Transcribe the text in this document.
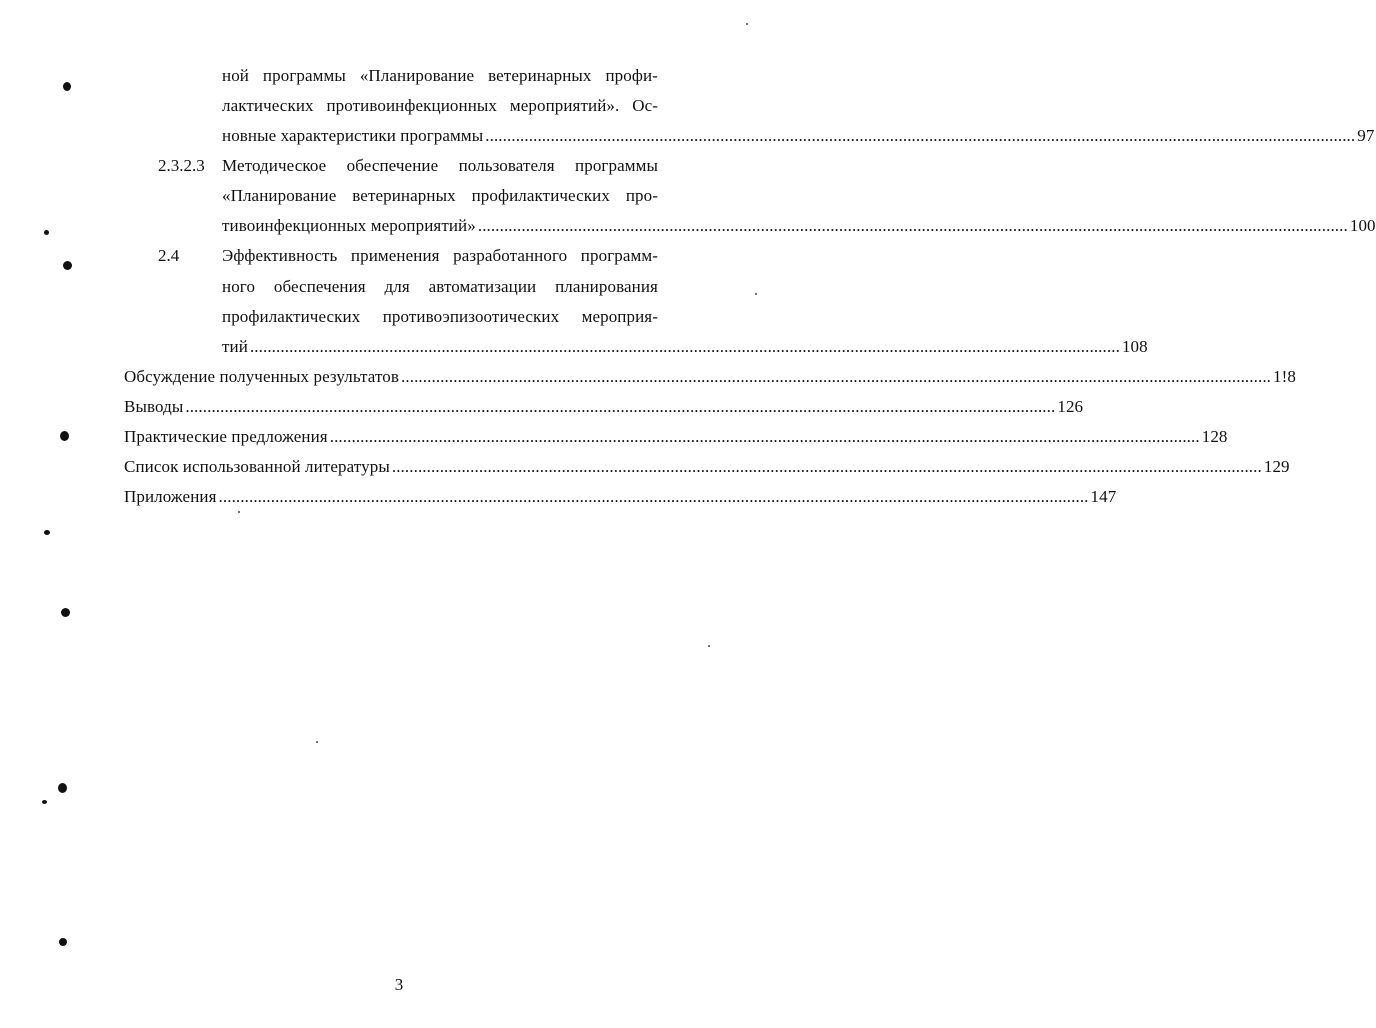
ной программы «Планирование ветеринарных профи-
лактических противоинфекционных мероприятий». Ос-
новные характеристики программы ........................................................................................................................................................................................................ 97
2.3.2.3 Методическое обеспечение пользователя программы
«Планирование ветеринарных профилактических про-
тивоинфекционных мероприятий» ........................................................................................................................................................................................................ 100
2.4	Эффективность применения разработанного программ-
ного обеспечения для автоматизации планирования
профилактических противоэпизоотических мероприя-
тий ........................................................................................................................................................................................................ 108
Обсуждение полученных результатов ........................................................................................................................................................................................................ 1!8
Выводы ........................................................................................................................................................................................................ 126
Практические предложения ........................................................................................................................................................................................................ 128
Список использованной литературы ........................................................................................................................................................................................................ 129
Приложения ........................................................................................................................................................................................................ 147
3
